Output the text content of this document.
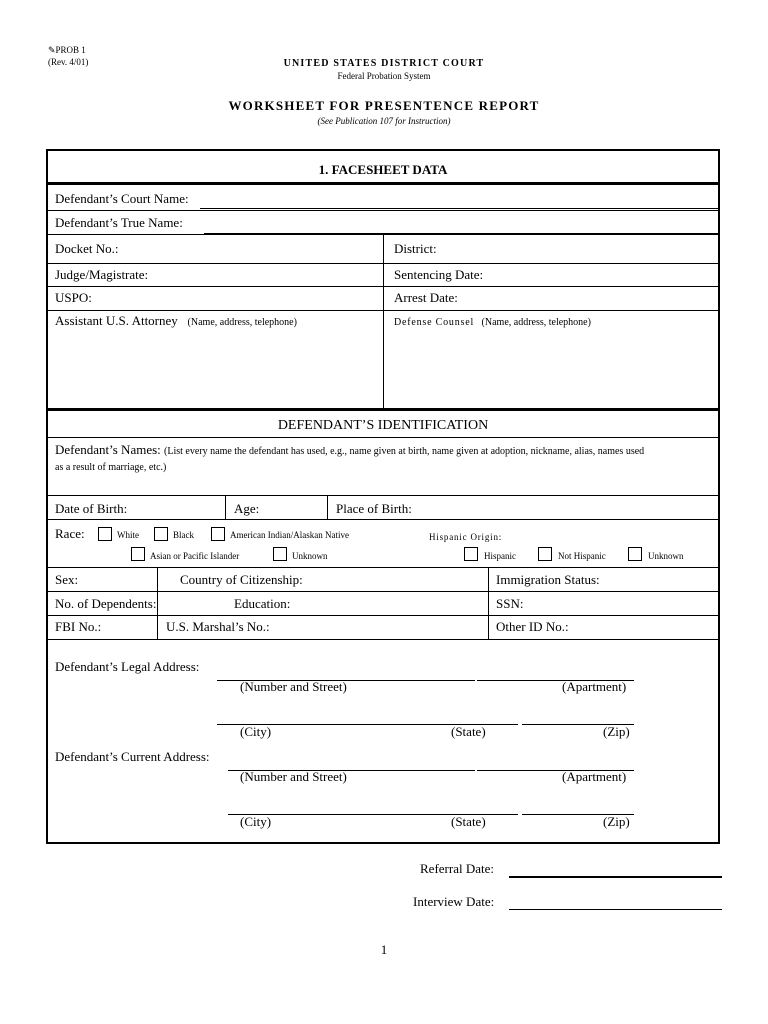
✎PROB 1
(Rev. 4/01)	UNITED STATES DISTRICT COURT
Federal Probation System
WORKSHEET FOR PRESENTENCE REPORT
(See Publication 107 for Instruction)
1. FACESHEET DATA
Defendant’s Court Name:
Defendant’s True Name:
Docket No.:	District:
Judge/Magistrate:	Sentencing Date:
USPO:	Arrest Date:
Assistant U.S. Attorney (Name, address, telephone)	Defense Counsel (Name, address, telephone)
DEFENDANT’S IDENTIFICATION
Defendant’s Names: (List every name the defendant has used, e.g., name given at birth, name given at adoption, nickname, alias, names used
as a result of marriage, etc.)
Date of Birth:	Age:	Place of Birth:
Race:	White	Black	American Indian/Alaskan Native	Hispanic Origin:
Asian or Pacific Islander	Unknown	Hispanic	Not Hispanic	Unknown
Sex:	Country of Citizenship:	Immigration Status:
No. of Dependents:	Education:	SSN:
FBI No.:	U.S. Marshal’s No.:	Other ID No.:
Defendant’s Legal Address:
(Number and Street)	(Apartment)
(City)	(State)	(Zip)
Defendant’s Current Address:
(Number and Street)	(Apartment)
(City)	(State)	(Zip)
Referral Date:
Interview Date:
1
